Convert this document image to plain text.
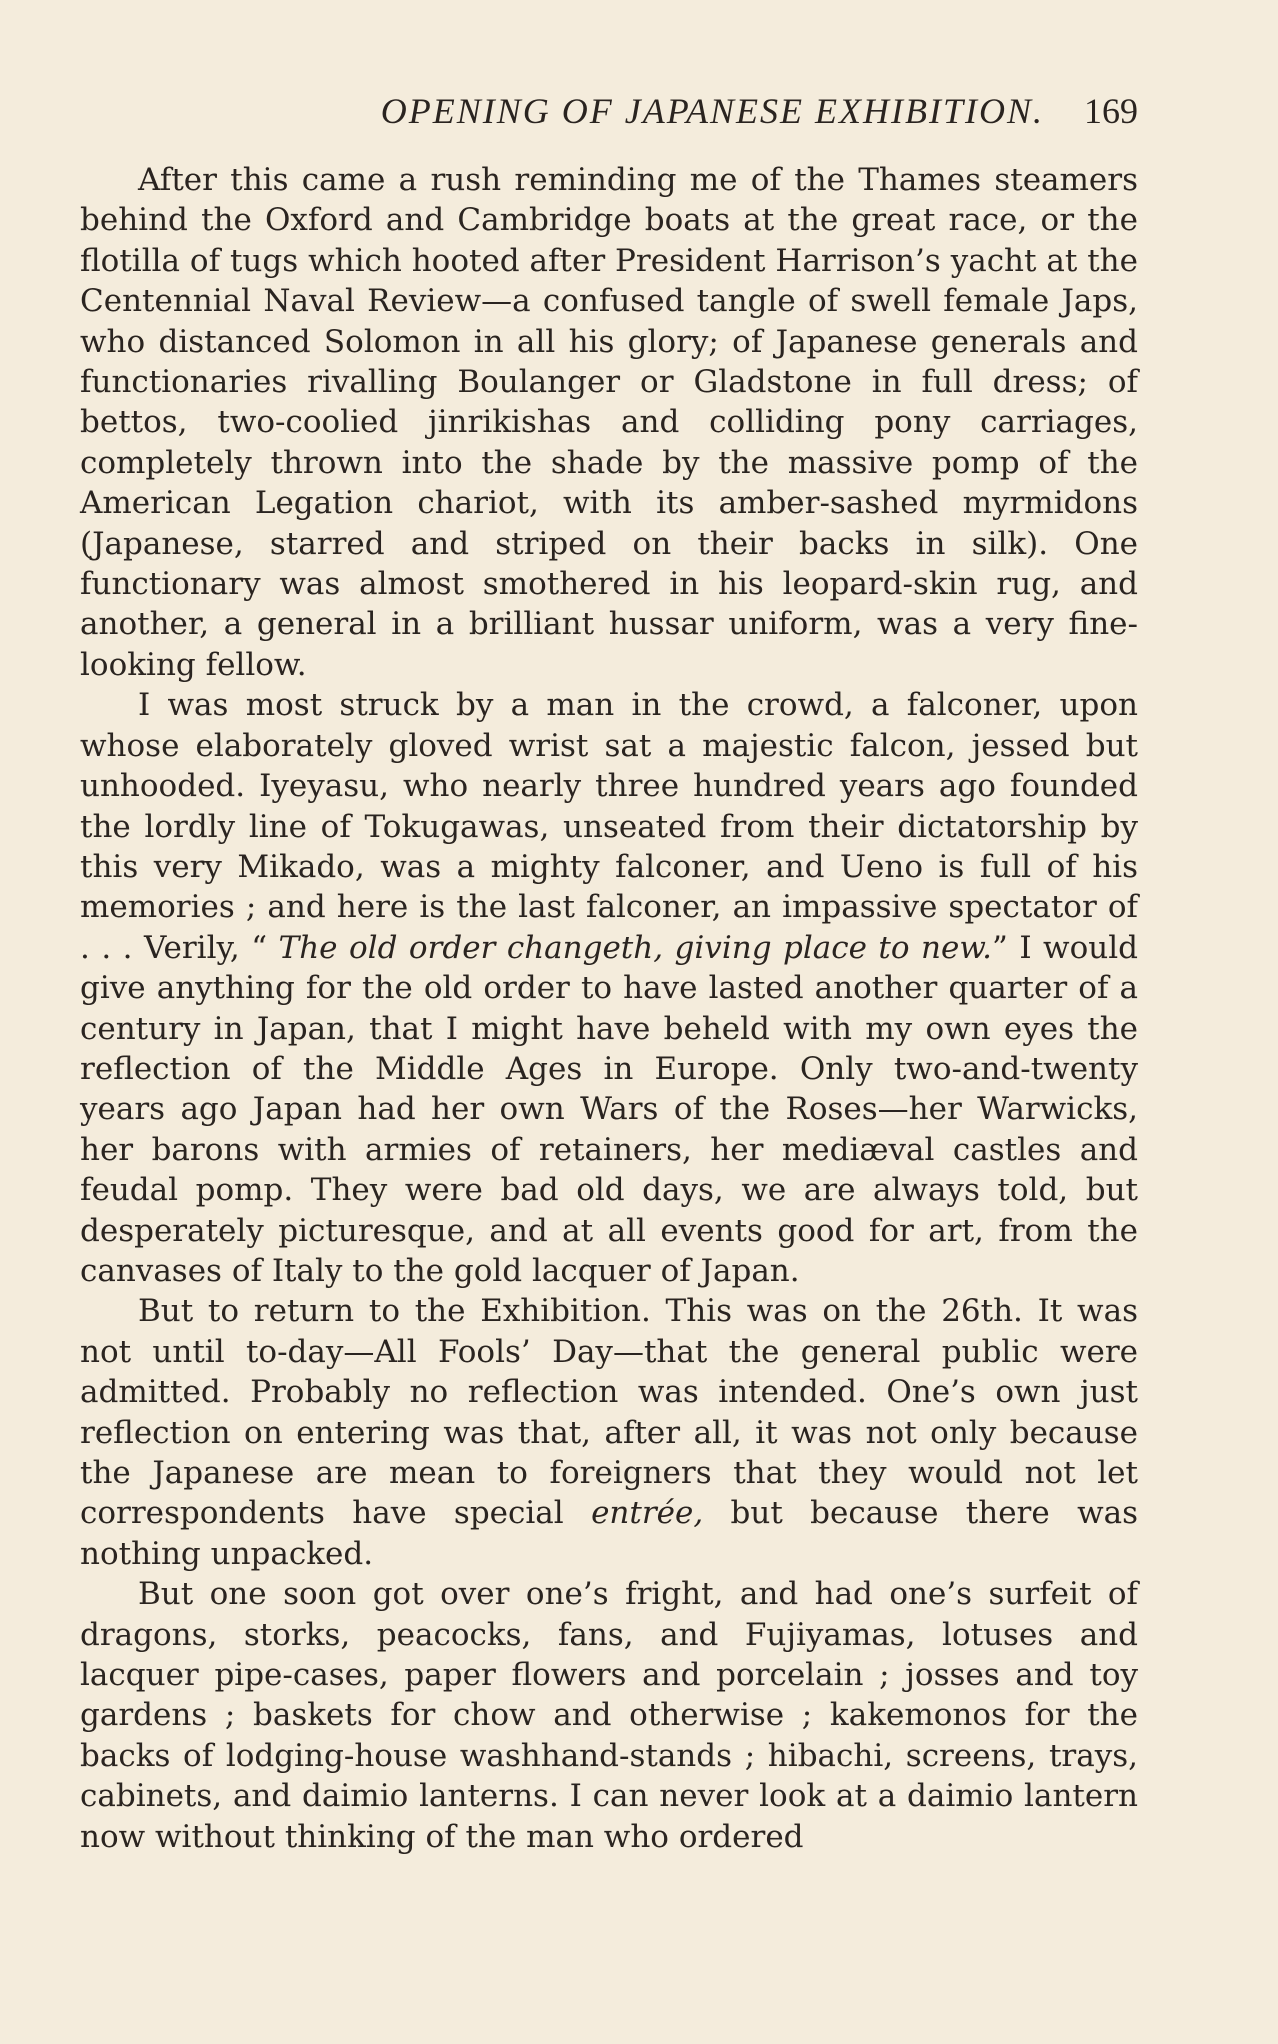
OPENING OF JAPANESE EXHIBITION. 169

After this came a rush reminding me of the Thames steamers behind the Oxford and Cambridge boats at the great race, or the flotilla of tugs which hooted after President Harrison’s yacht at the Centennial Naval Review—a confused tangle of swell female Japs, who distanced Solomon in all his glory; of Japanese generals and functionaries rivalling Boulanger or Gladstone in full dress; of bettos, two-coolied jinrikishas and colliding pony carriages, completely thrown into the shade by the massive pomp of the American Legation chariot, with its amber-sashed myrmidons (Japanese, starred and striped on their backs in silk). One functionary was almost smothered in his leopard-skin rug, and another, a general in a brilliant hussar uniform, was a very fine-looking fellow.

I was most struck by a man in the crowd, a falconer, upon whose elaborately gloved wrist sat a majestic falcon, jessed but unhooded. Iyeyasu, who nearly three hundred years ago founded the lordly line of Tokugawas, unseated from their dictatorship by this very Mikado, was a mighty falconer, and Ueno is full of his memories ; and here is the last falconer, an impassive spectator of . . . Verily, “ The old order changeth, giving place to new.” I would give anything for the old order to have lasted another quarter of a century in Japan, that I might have beheld with my own eyes the reflection of the Middle Ages in Europe. Only two-and-twenty years ago Japan had her own Wars of the Roses—her Warwicks, her barons with armies of retainers, her mediæval castles and feudal pomp. They were bad old days, we are always told, but desperately picturesque, and at all events good for art, from the canvases of Italy to the gold lacquer of Japan.

But to return to the Exhibition. This was on the 26th. It was not until to-day—All Fools’ Day—that the general public were admitted. Probably no reflection was intended. One’s own just reflection on entering was that, after all, it was not only because the Japanese are mean to foreigners that they would not let correspondents have special entrée, but because there was nothing unpacked.

But one soon got over one’s fright, and had one’s surfeit of dragons, storks, peacocks, fans, and Fujiyamas, lotuses and lacquer pipe-cases, paper flowers and porcelain ; josses and toy gardens ; baskets for chow and otherwise ; kakemonos for the backs of lodging-house washhand-stands ; hibachi, screens, trays, cabinets, and daimio lanterns. I can never look at a daimio lantern now without thinking of the man who ordered
